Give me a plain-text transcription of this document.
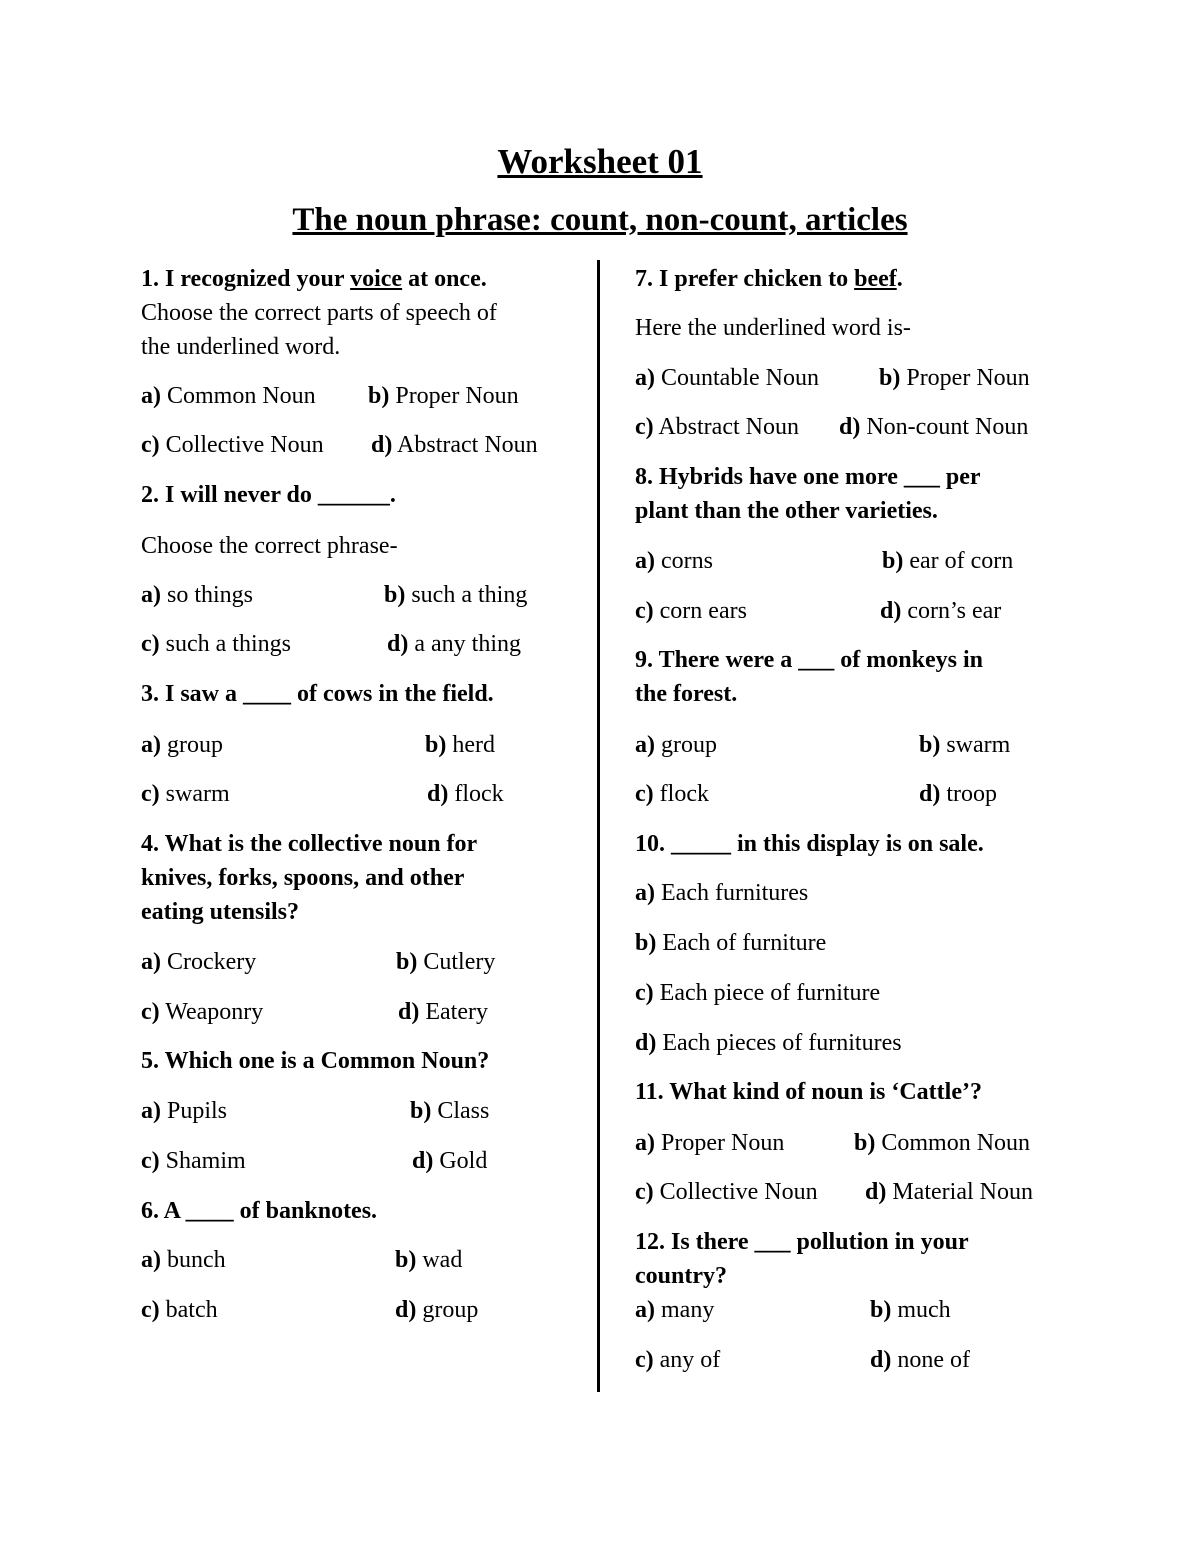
Worksheet 01
The noun phrase: count, non-count, articles
1. I recognized your voice at once.
Choose the correct parts of speech of
the underlined word.
a) Common Noun b) Proper Noun
c) Collective Noun d) Abstract Noun
2. I will never do ______.
Choose the correct phrase-
a) so things	b) such a thing
c) such a things	d) a any thing
3. I saw a ____ of cows in the field.
a) group	b) herd
c) swarm	d) flock
4. What is the collective noun for
knives, forks, spoons, and other
eating utensils?
a) Crockery	b) Cutlery
c) Weaponry	d) Eatery
5. Which one is a Common Noun?
a) Pupils	b) Class
c) Shamim	d) Gold
6. A ____ of banknotes.
a) bunch	b) wad
c) batch	d) group
7. I prefer chicken to beef.
Here the underlined word is-
a) Countable Noun	b) Proper Noun
c) Abstract Noun d) Non-count Noun
8. Hybrids have one more ___ per
plant than the other varieties.
a) corns	b) ear of corn
c) corn ears	d) corn’s ear
9. There were a ___ of monkeys in
the forest.
a) group	b) swarm
c) flock	d) troop
10. _____ in this display is on sale.
a) Each furnitures
b) Each of furniture
c) Each piece of furniture
d) Each pieces of furnitures
11. What kind of noun is ‘Cattle’?
a) Proper Noun	b) Common Noun
c) Collective Noun d) Material Noun
12. Is there ___ pollution in your
country?
a) many	b) much
c) any of	d) none of
